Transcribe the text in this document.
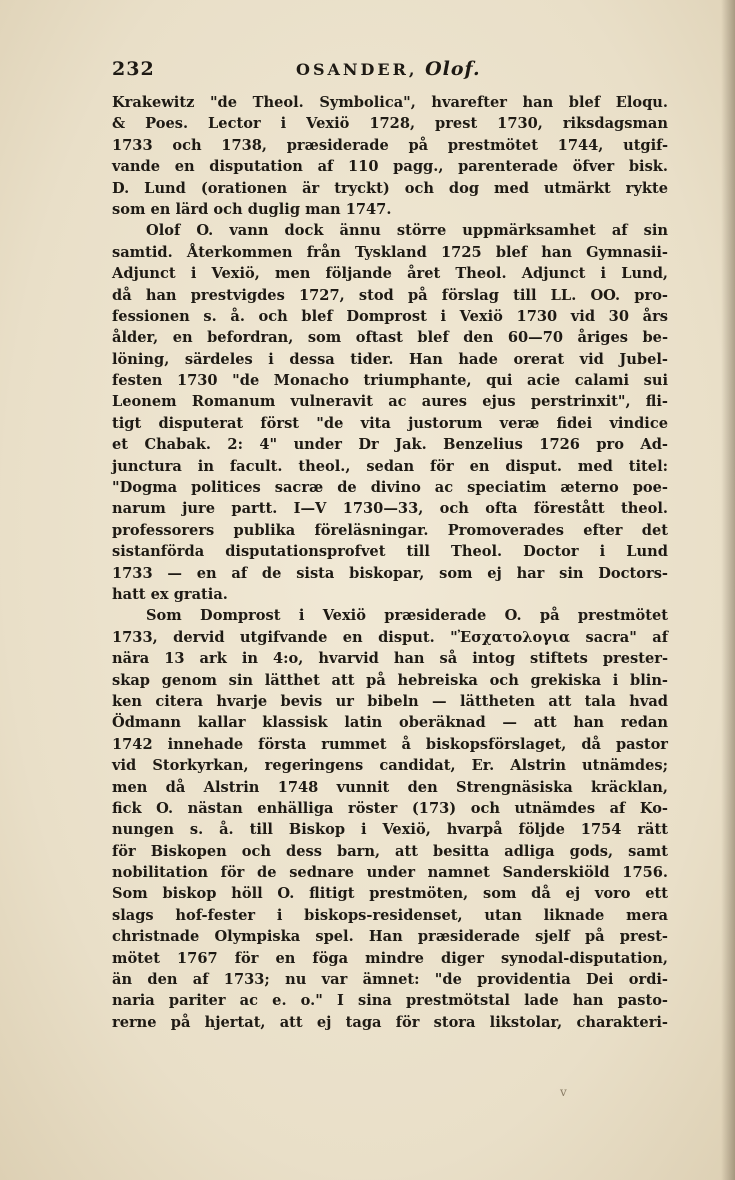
232	OSANDER, Olof.
Krakewitz "de Theol. Symbolica", hvarefter han blef Eloqu.
& Poes. Lector i Vexiö 1728, prest 1730, riksdagsman
1733 och 1738, præsiderade på prestmötet 1744, utgif-
vande en disputation af 110 pagg., parenterade öfver bisk.
D. Lund (orationen är tryckt) och dog med utmärkt rykte
som en lärd och duglig man 1747.
Olof O. vann dock ännu större uppmärksamhet af sin
samtid. Återkommen från Tyskland 1725 blef han Gymnasii-
Adjunct i Vexiö, men följande året Theol. Adjunct i Lund,
då han prestvigdes 1727, stod på förslag till LL. OO. pro-
fessionen s. å. och blef Domprost i Vexiö 1730 vid 30 års
ålder, en befordran, som oftast blef den 60—70 åriges be-
löning, särdeles i dessa tider. Han hade orerat vid Jubel-
festen 1730 "de Monacho triumphante, qui acie calami sui
Leonem Romanum vulneravit ac aures ejus perstrinxit", fli-
tigt disputerat först "de vita justorum veræ fidei vindice
et Chabak. 2: 4" under Dr Jak. Benzelius 1726 pro Ad-
junctura in facult. theol., sedan för en disput. med titel:
"Dogma politices sacræ de divino ac speciatim æterno poe-
narum jure partt. I—V 1730—33, och ofta förestått theol.
professorers publika föreläsningar. Promoverades efter det
sistanförda disputationsprofvet till Theol. Doctor i Lund
1733 — en af de sista biskopar, som ej har sin Doctors-
hatt ex gratia.
Som Domprost i Vexiö præsiderade O. på prestmötet
1733, dervid utgifvande en disput. "Ἐσχατολογια sacra" af
nära 13 ark in 4:o, hvarvid han så intog stiftets prester-
skap genom sin lätthet att på hebreiska och grekiska i blin-
ken citera hvarje bevis ur bibeln — lättheten att tala hvad
Ödmann kallar klassisk latin oberäknad — att han redan
1742 innehade första rummet å biskopsförslaget, då pastor
vid Storkyrkan, regeringens candidat, Er. Alstrin utnämdes;
men då Alstrin 1748 vunnit den Strengnäsiska kräcklan,
fick O. nästan enhälliga röster (173) och utnämdes af Ko-
nungen s. å. till Biskop i Vexiö, hvarpå följde 1754 rätt
för Biskopen och dess barn, att besitta adliga gods, samt
nobilitation för de sednare under namnet Sanderskiöld 1756.
Som biskop höll O. flitigt prestmöten, som då ej voro ett
slags hof-fester i biskops-residenset, utan liknade mera
christnade Olympiska spel. Han præsiderade sjelf på prest-
mötet 1767 för en föga mindre diger synodal-disputation,
än den af 1733; nu var ämnet: "de providentia Dei ordi-
naria pariter ac e. o." I sina prestmötstal lade han pasto-
rerne på hjertat, att ej taga för stora likstolar, charakteri-
v
